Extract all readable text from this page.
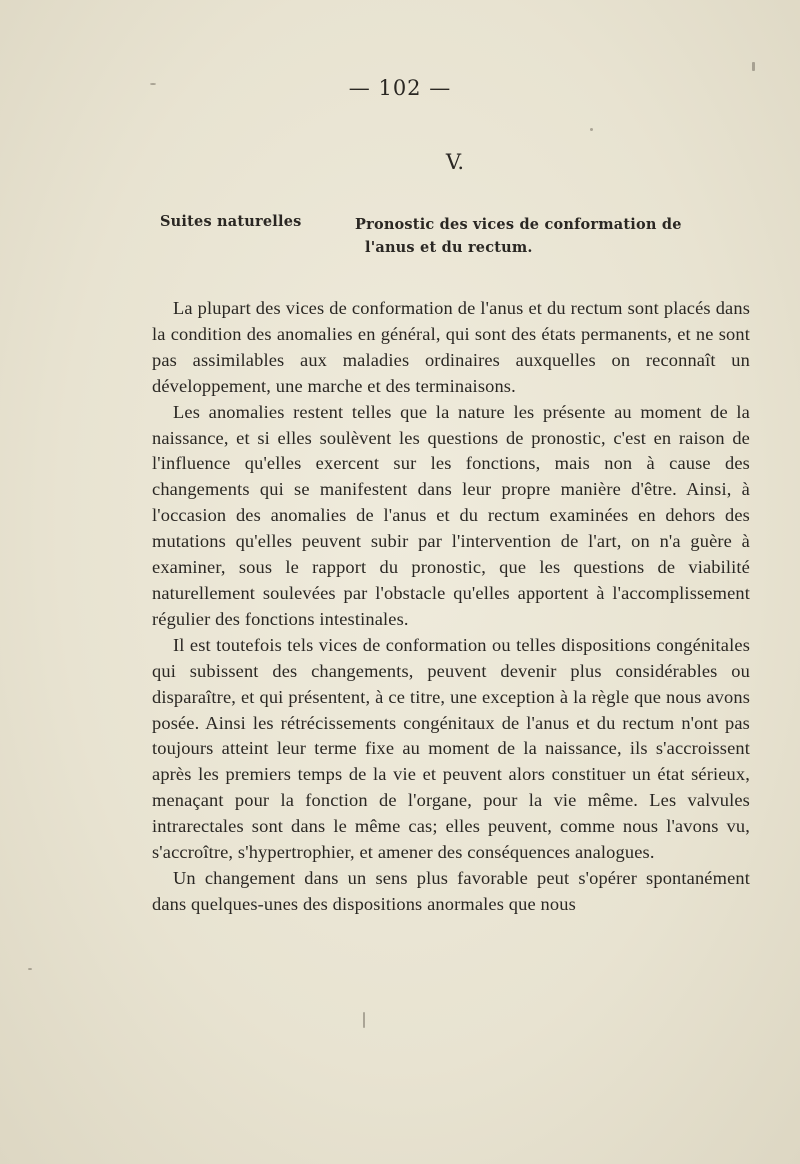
— 102 —
V.
Suites naturelles	Pronostic des vices de conformation de
l'anus et du rectum.

La plupart des vices de conformation de l'anus et du rectum sont placés dans la condition des anomalies en général, qui sont des états permanents, et ne sont pas assimilables aux maladies ordinaires auxquelles on reconnaît un développement, une marche et des terminaisons.

Les anomalies restent telles que la nature les présente au moment de la naissance, et si elles soulèvent les questions de pronostic, c'est en raison de l'influence qu'elles exercent sur les fonctions, mais non à cause des changements qui se manifestent dans leur propre manière d'être. Ainsi, à l'occasion des anomalies de l'anus et du rectum examinées en dehors des mutations qu'elles peuvent subir par l'intervention de l'art, on n'a guère à examiner, sous le rapport du pronostic, que les questions de viabilité naturellement soulevées par l'obstacle qu'elles apportent à l'accomplissement régulier des fonctions intestinales.

Il est toutefois tels vices de conformation ou telles dispositions congénitales qui subissent des changements, peuvent devenir plus considérables ou disparaître, et qui présentent, à ce titre, une exception à la règle que nous avons posée. Ainsi les rétrécissements congénitaux de l'anus et du rectum n'ont pas toujours atteint leur terme fixe au moment de la naissance, ils s'accroissent après les premiers temps de la vie et peuvent alors constituer un état sérieux, menaçant pour la fonction de l'organe, pour la vie même. Les valvules intrarectales sont dans le même cas; elles peuvent, comme nous l'avons vu, s'accroître, s'hypertrophier, et amener des conséquences analogues.

Un changement dans un sens plus favorable peut s'opérer spontanément dans quelques-unes des dispositions anormales que nous
